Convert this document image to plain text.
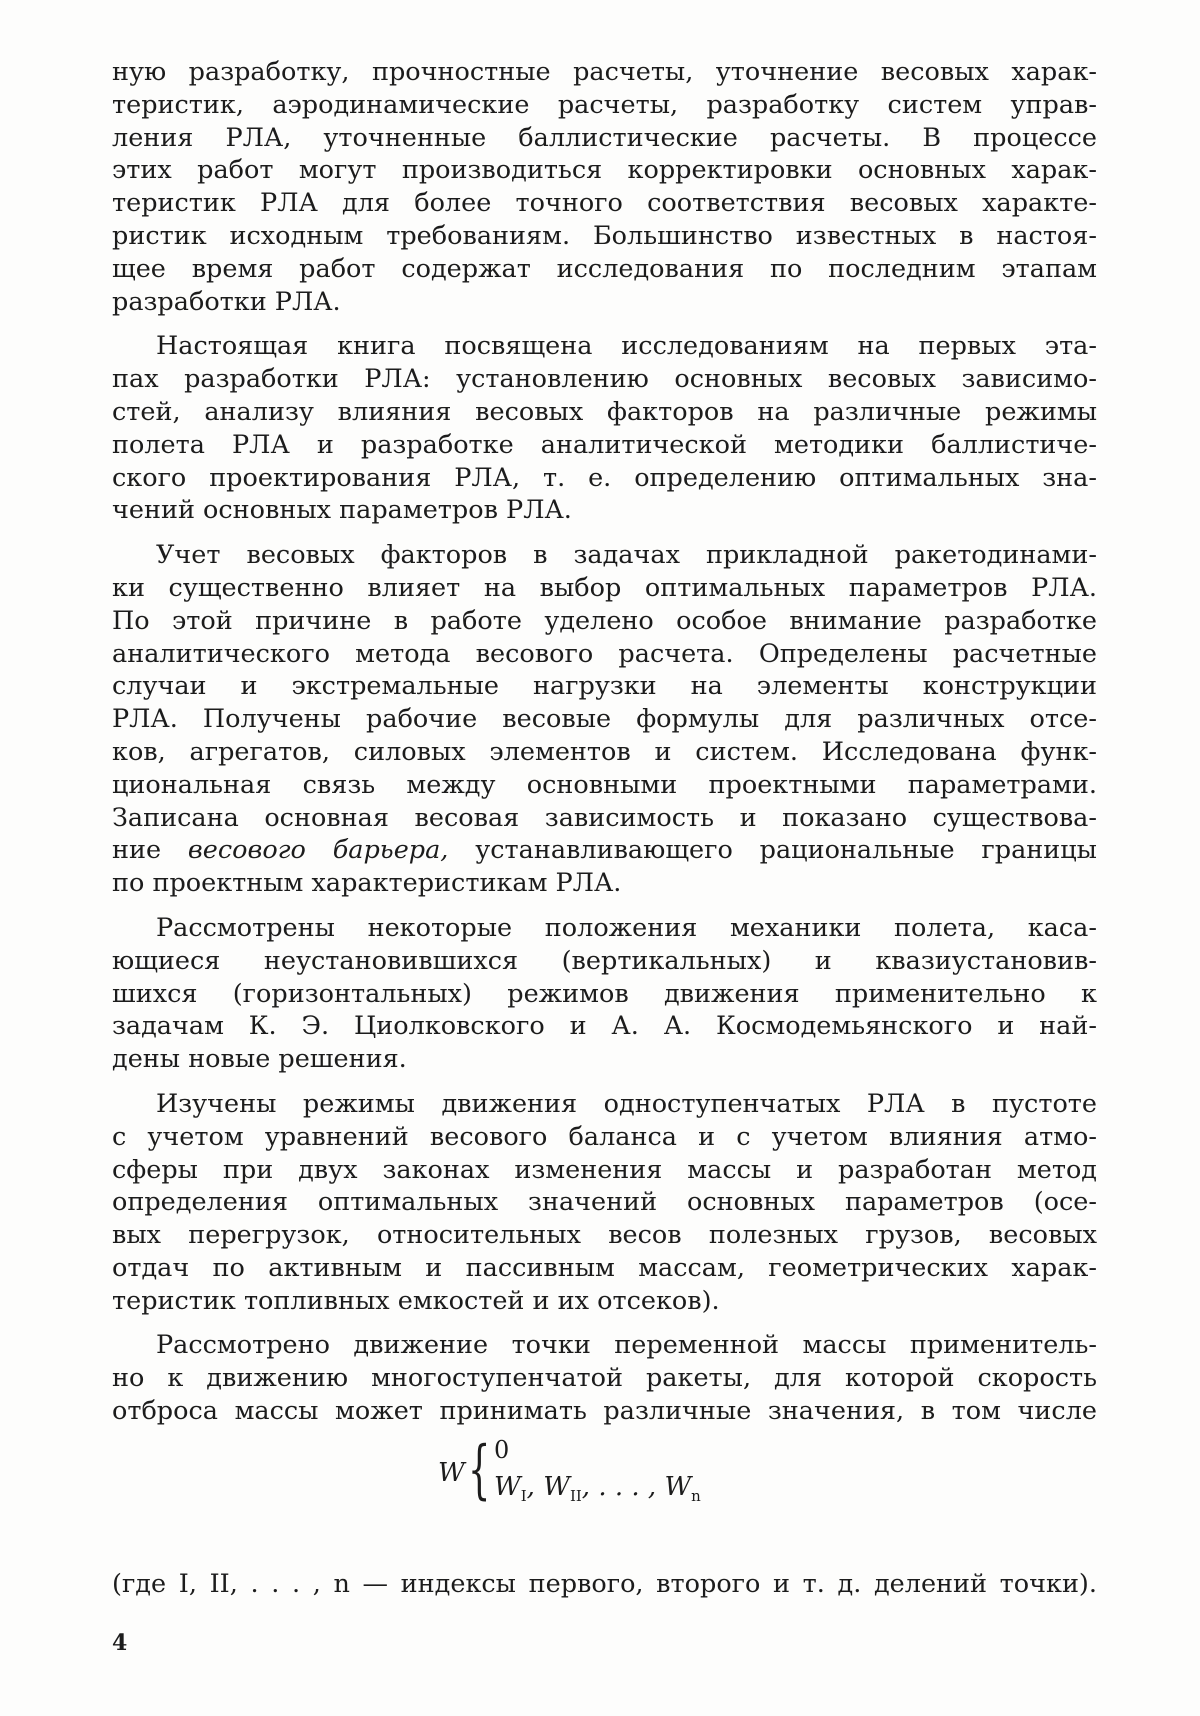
ную разработку, прочностные расчеты, уточнение весовых харак-
теристик, аэродинамические расчеты, разработку систем управ-
ления РЛА, уточненные баллистические расчеты. В процессе
этих работ могут производиться корректировки основных харак-
теристик РЛА для более точного соответствия весовых характе-
ристик исходным требованиям. Большинство известных в настоя-
щее время работ содержат исследования по последним этапам
разработки РЛА.

Настоящая книга посвящена исследованиям на первых эта-
пах разработки РЛА: установлению основных весовых зависимо-
стей, анализу влияния весовых факторов на различные режимы
полета РЛА и разработке аналитической методики баллистиче-
ского проектирования РЛА, т. е. определению оптимальных зна-
чений основных параметров РЛА.

Учет весовых факторов в задачах прикладной ракетодинами-
ки существенно влияет на выбор оптимальных параметров РЛА.
По этой причине в работе уделено особое внимание разработке
аналитического метода весового расчета. Определены расчетные
случаи и экстремальные нагрузки на элементы конструкции
РЛА. Получены рабочие весовые формулы для различных отсе-
ков, агрегатов, силовых элементов и систем. Исследована функ-
циональная связь между основными проектными параметрами.
Записана основная весовая зависимость и показано существова-
ние весового барьера, устанавливающего рациональные границы
по проектным характеристикам РЛА.

Рассмотрены некоторые положения механики полета, каса-
ющиеся неустановившихся (вертикальных) и квазиустановив-
шихся (горизонтальных) режимов движения применительно к
задачам К. Э. Циолковского и А. А. Космодемьянского и най-
дены новые решения.

Изучены режимы движения одноступенчатых РЛА в пустоте
с учетом уравнений весового баланса и с учетом влияния атмо-
сферы при двух законах изменения массы и разработан метод
определения оптимальных значений основных параметров (осе-
вых перегрузок, относительных весов полезных грузов, весовых
отдач по активным и пассивным массам, геометрических харак-
теристик топливных емкостей и их отсеков).

Рассмотрено движение точки переменной массы применитель-
но к движению многоступенчатой ракеты, для которой скорость
отброса массы может принимать различные значения, в том числе

W { 0
$W_I$, $W_{II}$, . . . , $W_n$
(где I, II, . . . , n — индексы первого, второго и т. д. делений точки).
4
